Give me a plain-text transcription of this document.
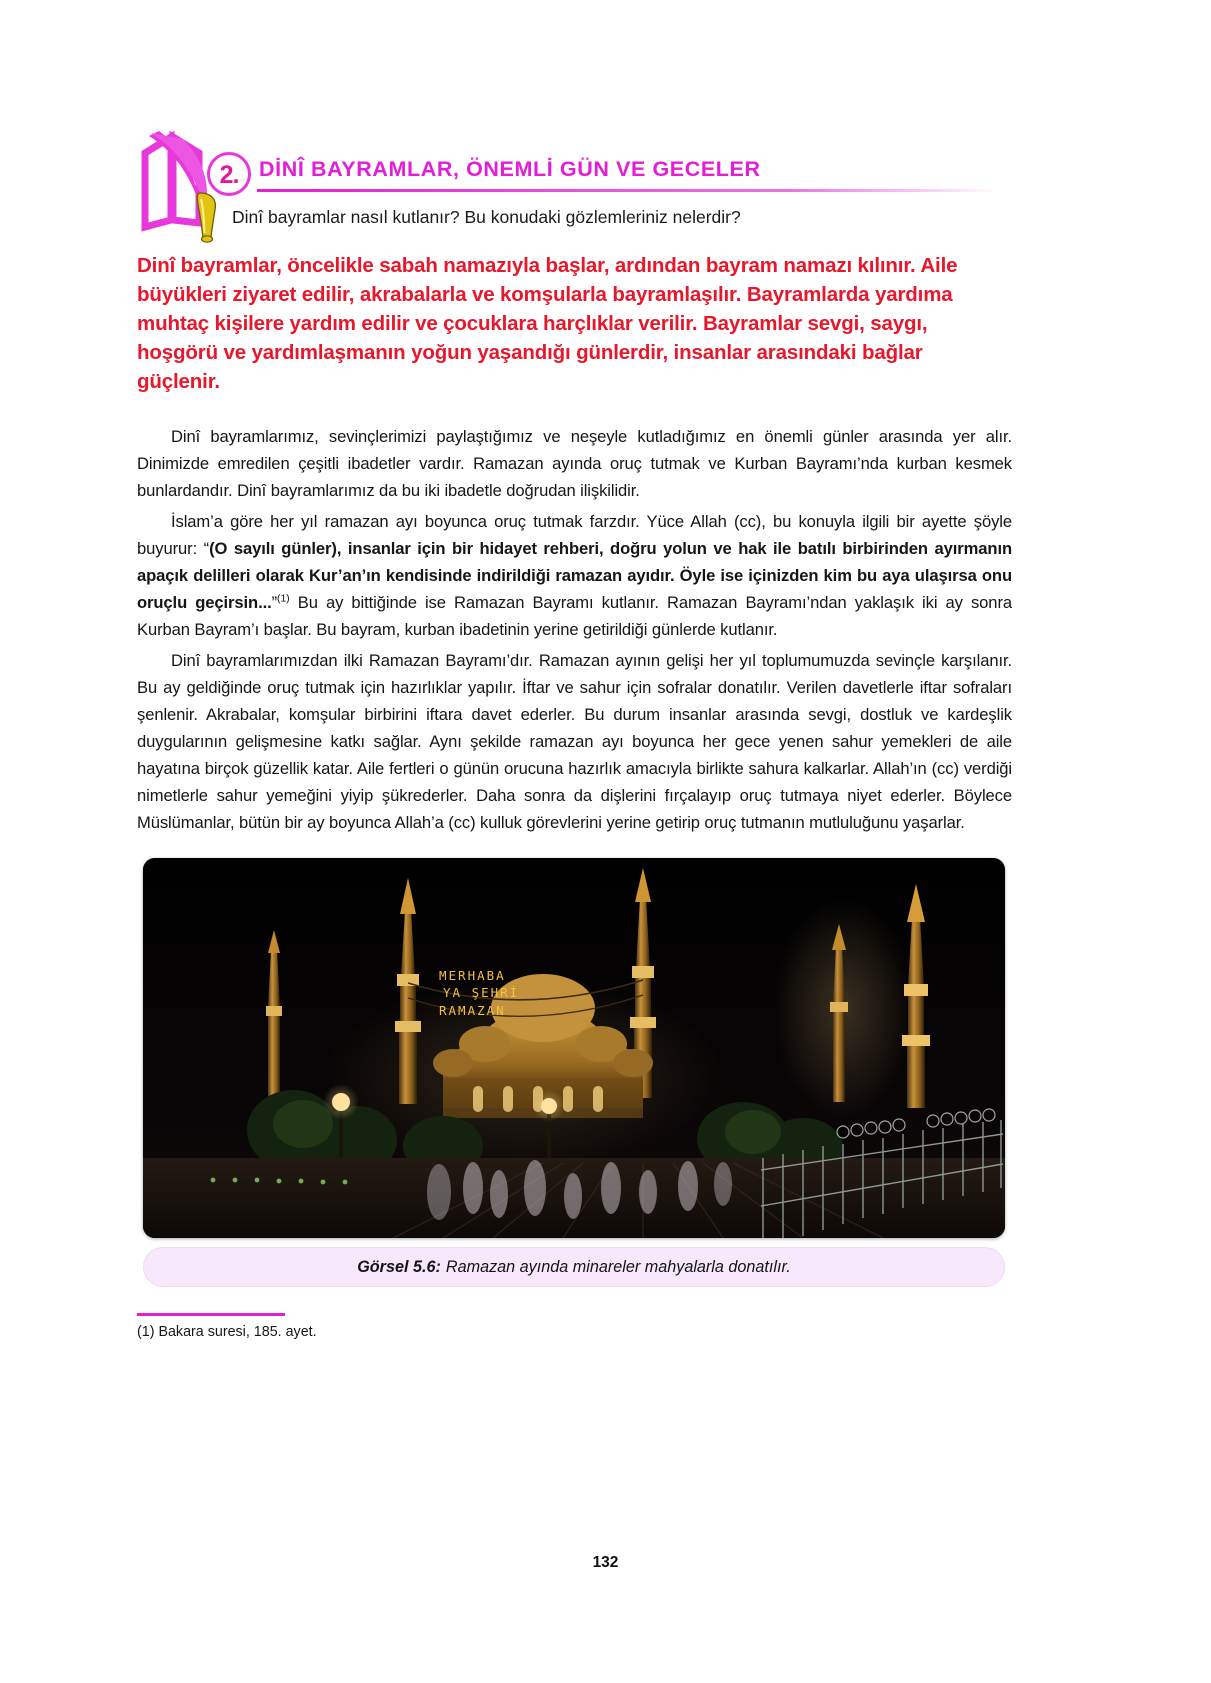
2. DİNÎ BAYRAMLAR, ÖNEMLİ GÜN VE GECELER
Dinî bayramlar nasıl kutlanır? Bu konudaki gözlemleriniz nelerdir?
Dinî bayramlar, öncelikle sabah namazıyla başlar, ardından bayram namazı kılınır. Aile büyükleri ziyaret edilir, akrabalarla ve komşularla bayramlaşılır. Bayramlarda yardıma muhtaç kişilere yardım edilir ve çocuklara harçlıklar verilir. Bayramlar sevgi, saygı, hoşgörü ve yardımlaşmanın yoğun yaşandığı günlerdir, insanlar arasındaki bağlar güçlenir.

Dinî bayramlarımız, sevinçlerimizi paylaştığımız ve neşeyle kutladığımız en önemli günler arasında yer alır. Dinimizde emredilen çeşitli ibadetler vardır. Ramazan ayında oruç tutmak ve Kurban Bayramı’nda kurban kesmek bunlardandır. Dinî bayramlarımız da bu iki ibadetle doğrudan ilişkilidir.

İslam’a göre her yıl ramazan ayı boyunca oruç tutmak farzdır. Yüce Allah (cc), bu konuyla ilgili bir ayette şöyle buyurur: “(O sayılı günler), insanlar için bir hidayet rehberi, doğru yolun ve hak ile batılı birbirinden ayırmanın apaçık delilleri olarak Kur’an’ın kendisinde indirildiği ramazan ayıdır. Öyle ise içinizden kim bu aya ulaşırsa onu oruçlu geçirsin...”$^{(1)}$ Bu ay bittiğinde ise Ramazan Bayramı kutlanır. Ramazan Bayramı’ndan yaklaşık iki ay sonra Kurban Bayram’ı başlar. Bu bayram, kurban ibadetinin yerine getirildiği günlerde kutlanır.

Dinî bayramlarımızdan ilki Ramazan Bayramı’dır. Ramazan ayının gelişi her yıl toplumumuzda sevinçle karşılanır. Bu ay geldiğinde oruç tutmak için hazırlıklar yapılır. İftar ve sahur için sofralar donatılır. Verilen davetlerle iftar sofraları şenlenir. Akrabalar, komşular birbirini iftara davet ederler. Bu durum insanlar arasında sevgi, dostluk ve kardeşlik duygularının gelişmesine katkı sağlar. Aynı şekilde ramazan ayı boyunca her gece yenen sahur yemekleri de aile hayatına birçok güzellik katar. Aile fertleri o günün orucuna hazırlık amacıyla birlikte sahura kalkarlar. Allah’ın (cc) verdiği nimetlerle sahur yemeğini yiyip şükrederler. Daha sonra da dişlerini fırçalayıp oruç tutmaya niyet ederler. Böylece Müslümanlar, bütün bir ay boyunca Allah’a (cc) kulluk görevlerini yerine getirip oruç tutmanın mutluluğunu yaşarlar.

MERHABA
YA ŞEHRİ
RAMAZAN
Görsel 5.6: Ramazan ayında minareler mahyalarla donatılır.
(1) Bakara suresi, 185. ayet.
132
